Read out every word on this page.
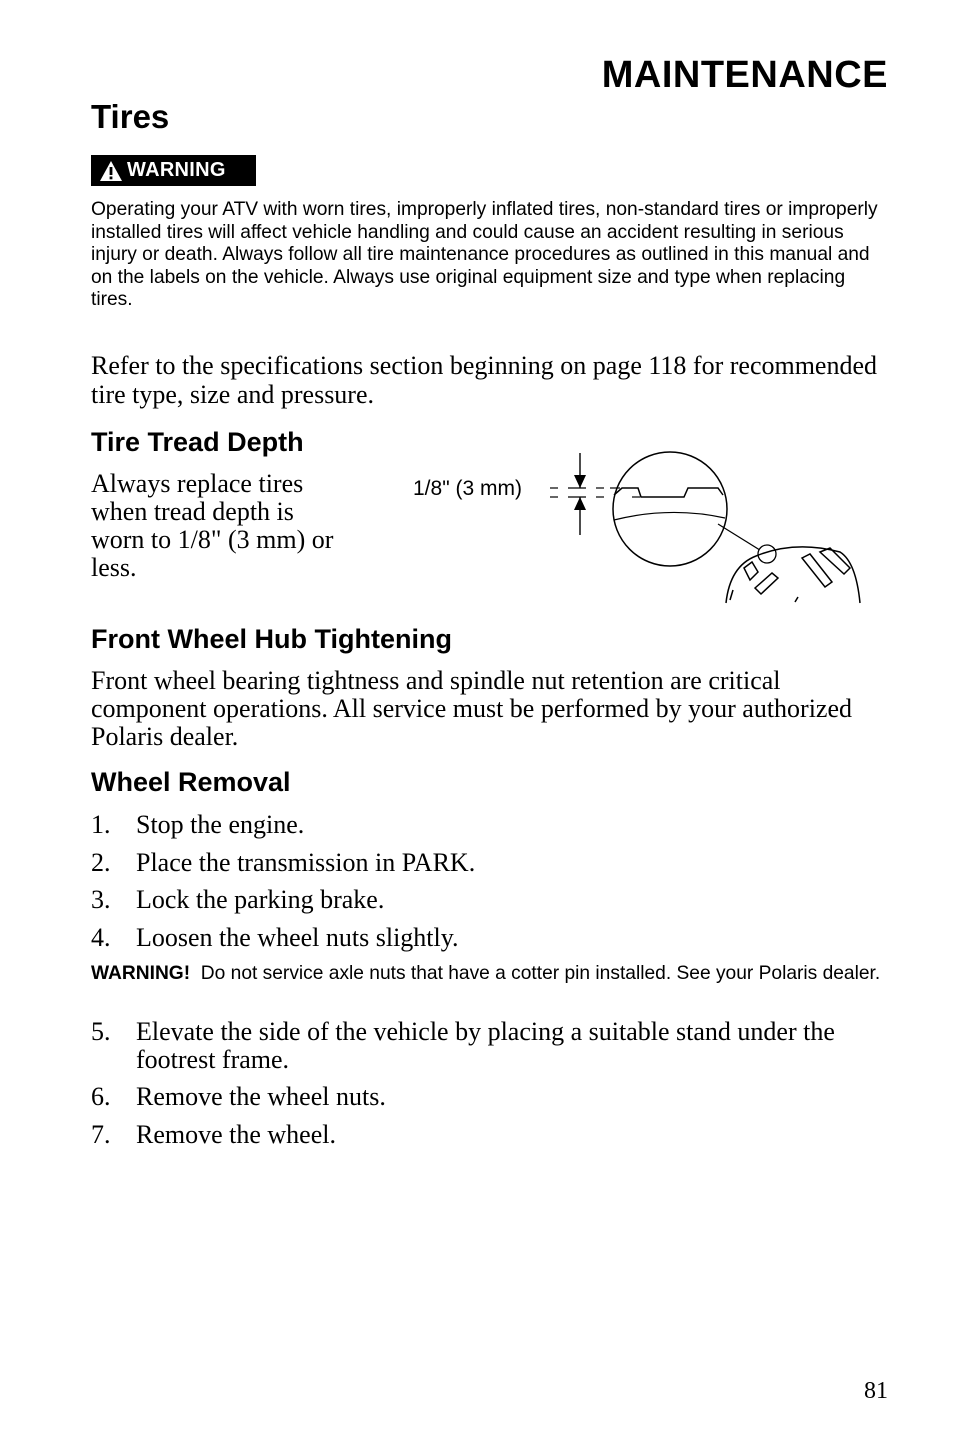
MAINTENANCE
Tires
WARNING

Operating your ATV with worn tires, improperly inflated tires, non-standard tires or improperly installed tires will affect vehicle handling and could cause an accident resulting in serious injury or death. Always follow all tire maintenance procedures as outlined in this manual and on the labels on the vehicle. Always use original equipment size and type when replacing tires.

Refer to the specifications section beginning on page 118 for recommended tire type, size and pressure.

Tire Tread Depth

Always replace tires when tread depth is worn to 1/8" (3 mm) or less.

1/8" (3 mm)
Front Wheel Hub Tightening

Front wheel bearing tightness and spindle nut retention are critical component operations. All service must be performed by your authorized Polaris dealer.

Wheel Removal
1. Stop the engine.
2. Place the transmission in PARK.
3. Lock the parking brake.
4. Loosen the wheel nuts slightly.

WARNING! Do not service axle nuts that have a cotter pin installed. See your Polaris dealer.

5. Elevate the side of the vehicle by placing a suitable stand under the footrest frame.
6. Remove the wheel nuts.
7. Remove the wheel.
81
